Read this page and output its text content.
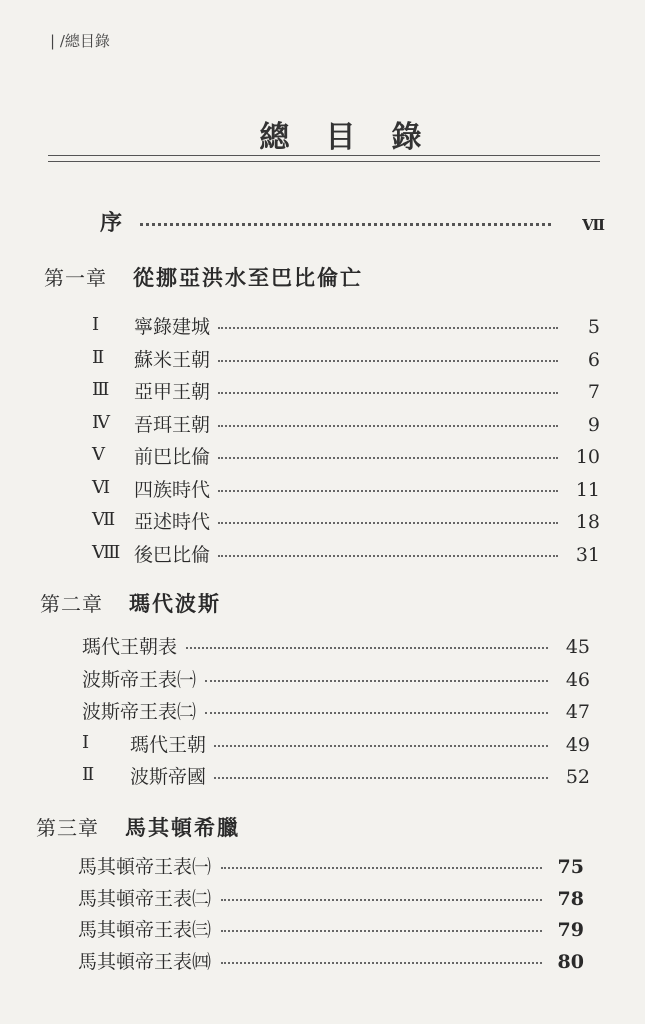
| /總目錄
總目錄
序	Ⅶ
第一章 從挪亞洪水至巴比倫亡
Ⅰ	寧錄建城	5
Ⅱ	蘇米王朝	6
Ⅲ	亞甲王朝	7
Ⅳ	吾珥王朝	9
Ⅴ	前巴比倫	10
Ⅵ	四族時代	11
Ⅶ 亞述時代	18
Ⅷ 後巴比倫	31
第二章 瑪代波斯
瑪代王朝表	45
波斯帝王表㈠	46
波斯帝王表㈡	47
Ⅰ	瑪代王朝	49
Ⅱ	波斯帝國	52
第三章 馬其頓希臘
馬其頓帝王表㈠	75
馬其頓帝王表㈡	78
馬其頓帝王表㈢	79
馬其頓帝王表㈣	80
